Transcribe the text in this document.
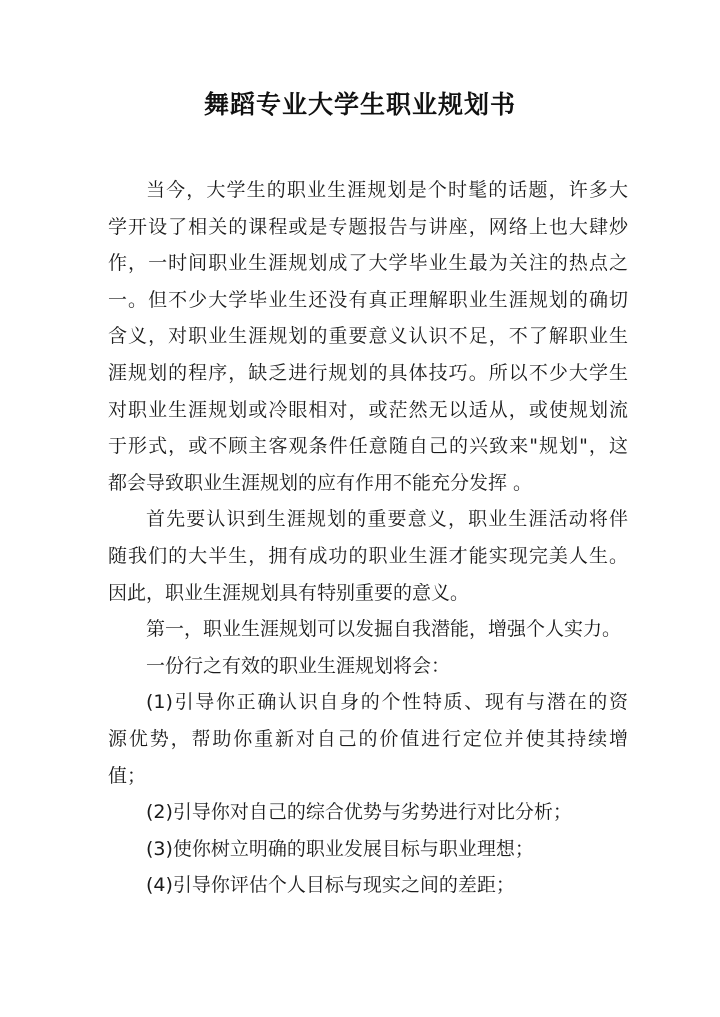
舞蹈专业大学生职业规划书
当今，大学生的职业生涯规划是个时髦的话题，许多大
学开设了相关的课程或是专题报告与讲座，网络上也大肆炒
作，一时间职业生涯规划成了大学毕业生最为关注的热点之
一。但不少大学毕业生还没有真正理解职业生涯规划的确切
含义，对职业生涯规划的重要意义认识不足，不了解职业生
涯规划的程序，缺乏进行规划的具体技巧。所以不少大学生
对职业生涯规划或冷眼相对，或茫然无以适从，或使规划流
于形式，或不顾主客观条件任意随自己的兴致来"规划"，这
都会导致职业生涯规划的应有作用不能充分发挥 。
首先要认识到生涯规划的重要意义，职业生涯活动将伴
随我们的大半生，拥有成功的职业生涯才能实现完美人生。
因此，职业生涯规划具有特别重要的意义。
第一，职业生涯规划可以发掘自我潜能，增强个人实力。
一份行之有效的职业生涯规划将会：
(1)引导你正确认识自身的个性特质、现有与潜在的资
源优势，帮助你重新对自己的价值进行定位并使其持续增
值；
(2)引导你对自己的综合优势与劣势进行对比分析；
(3)使你树立明确的职业发展目标与职业理想；
(4)引导你评估个人目标与现实之间的差距；
